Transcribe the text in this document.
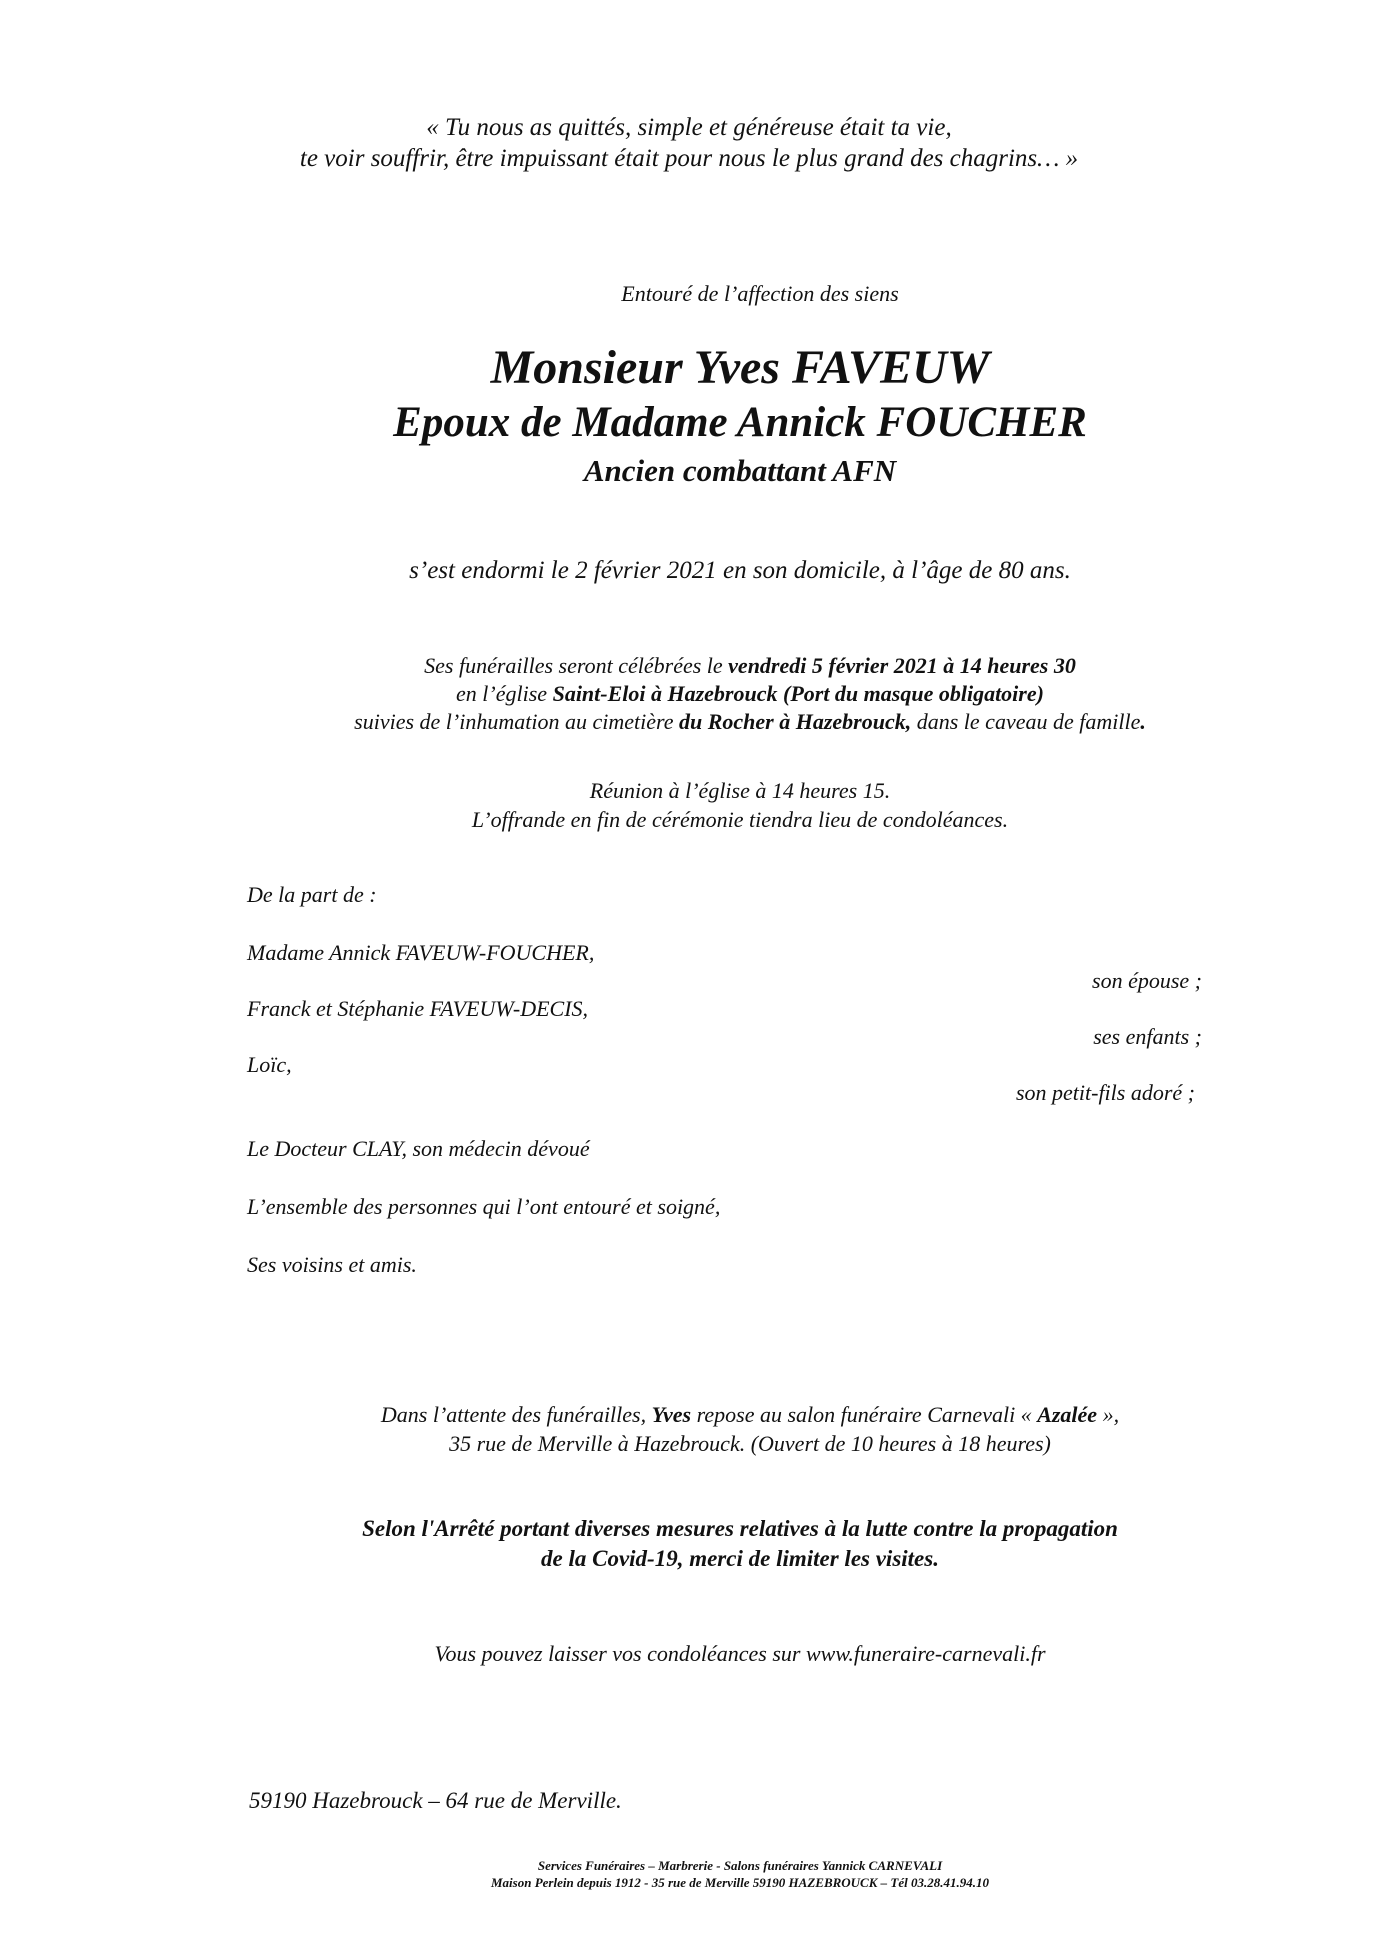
« Tu nous as quittés, simple et généreuse était ta vie,
te voir souffrir, être impuissant était pour nous le plus grand des chagrins… »
Entouré de l’affection des siens
Monsieur Yves FAVEUW
Epoux de Madame Annick FOUCHER
Ancien combattant AFN
s’est endormi le 2 février 2021 en son domicile, à l’âge de 80 ans.
Ses funérailles seront célébrées le vendredi 5 février 2021 à 14 heures 30
en l’église Saint-Eloi à Hazebrouck (Port du masque obligatoire)
suivies de l’inhumation au cimetière du Rocher à Hazebrouck, dans le caveau de famille.
Réunion à l’église à 14 heures 15.
L’offrande en fin de cérémonie tiendra lieu de condoléances.
De la part de :
Madame Annick FAVEUW-FOUCHER,
son épouse ;
Franck et Stéphanie FAVEUW-DECIS,
ses enfants ;
Loïc,
son petit-fils adoré ;
Le Docteur CLAY, son médecin dévoué
L’ensemble des personnes qui l’ont entouré et soigné,
Ses voisins et amis.
Dans l’attente des funérailles, Yves repose au salon funéraire Carnevali « Azalée »,
35 rue de Merville à Hazebrouck. (Ouvert de 10 heures à 18 heures)
Selon l'Arrêté portant diverses mesures relatives à la lutte contre la propagation
de la Covid-19, merci de limiter les visites.
Vous pouvez laisser vos condoléances sur www.funeraire-carnevali.fr
59190 Hazebrouck – 64 rue de Merville.
Services Funéraires – Marbrerie - Salons funéraires Yannick CARNEVALI
Maison Perlein depuis 1912 - 35 rue de Merville 59190 HAZEBROUCK – Tél 03.28.41.94.10
